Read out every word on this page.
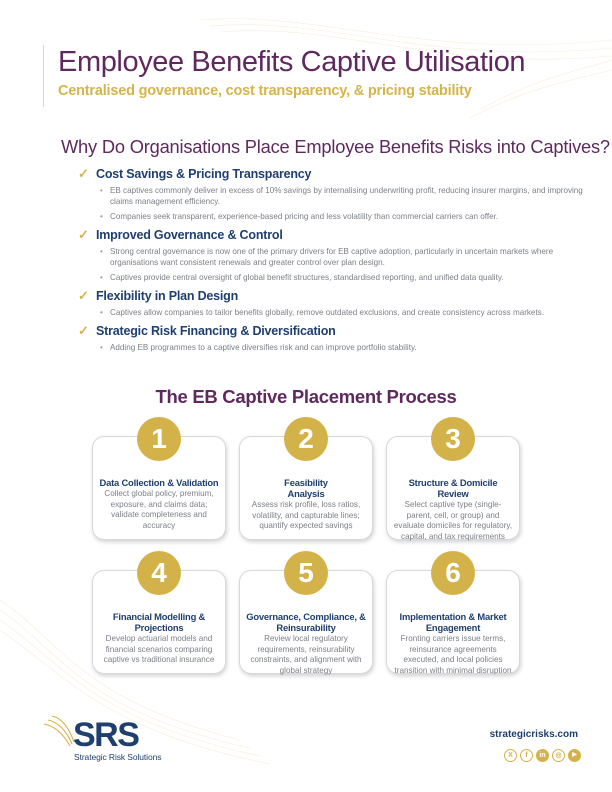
Employee Benefits Captive Utilisation
Centralised governance, cost transparency, & pricing stability
Why Do Organisations Place Employee Benefits Risks into Captives?
✓ Cost Savings & Pricing Transparency
• EB captives commonly deliver in excess of 10% savings by internalising underwriting profit, reducing insurer margins, and improving claims management efficiency.
• Companies seek transparent, experience-based pricing and less volatility than commercial carriers can offer.
✓ Improved Governance & Control
• Strong central governance is now one of the primary drivers for EB captive adoption, particularly in uncertain markets where organisations want consistent renewals and greater control over plan design.
• Captives provide central oversight of global benefit structures, standardised reporting, and unified data quality.
✓ Flexibility in Plan Design
• Captives allow companies to tailor benefits globally, remove outdated exclusions, and create consistency across markets.
✓ Strategic Risk Financing & Diversification
• Adding EB programmes to a captive diversifies risk and can improve portfolio stability.
The EB Captive Placement Process
1
Data Collection & Validation
Collect global policy, premium, exposure, and claims data; validate completeness and accuracy
2
Feasibility Analysis
Assess risk profile, loss ratios, volatility, and capturable lines; quantify expected savings
3
Structure & Domicile Review
Select captive type (single-parent, cell, or group) and evaluate domiciles for regulatory, capital, and tax requirements
4
Financial Modelling & Projections
Develop actuarial models and financial scenarios comparing captive vs traditional insurance
5
Governance, Compliance, & Reinsurability
Review local regulatory requirements, reinsurability constraints, and alignment with global strategy
6
Implementation & Market Engagement
Fronting carriers issue terms, reinsurance agreements executed, and local policies transition with minimal disruption
SRS
Strategic Risk Solutions
strategicrisks.com
X	f	in	◎	▶
